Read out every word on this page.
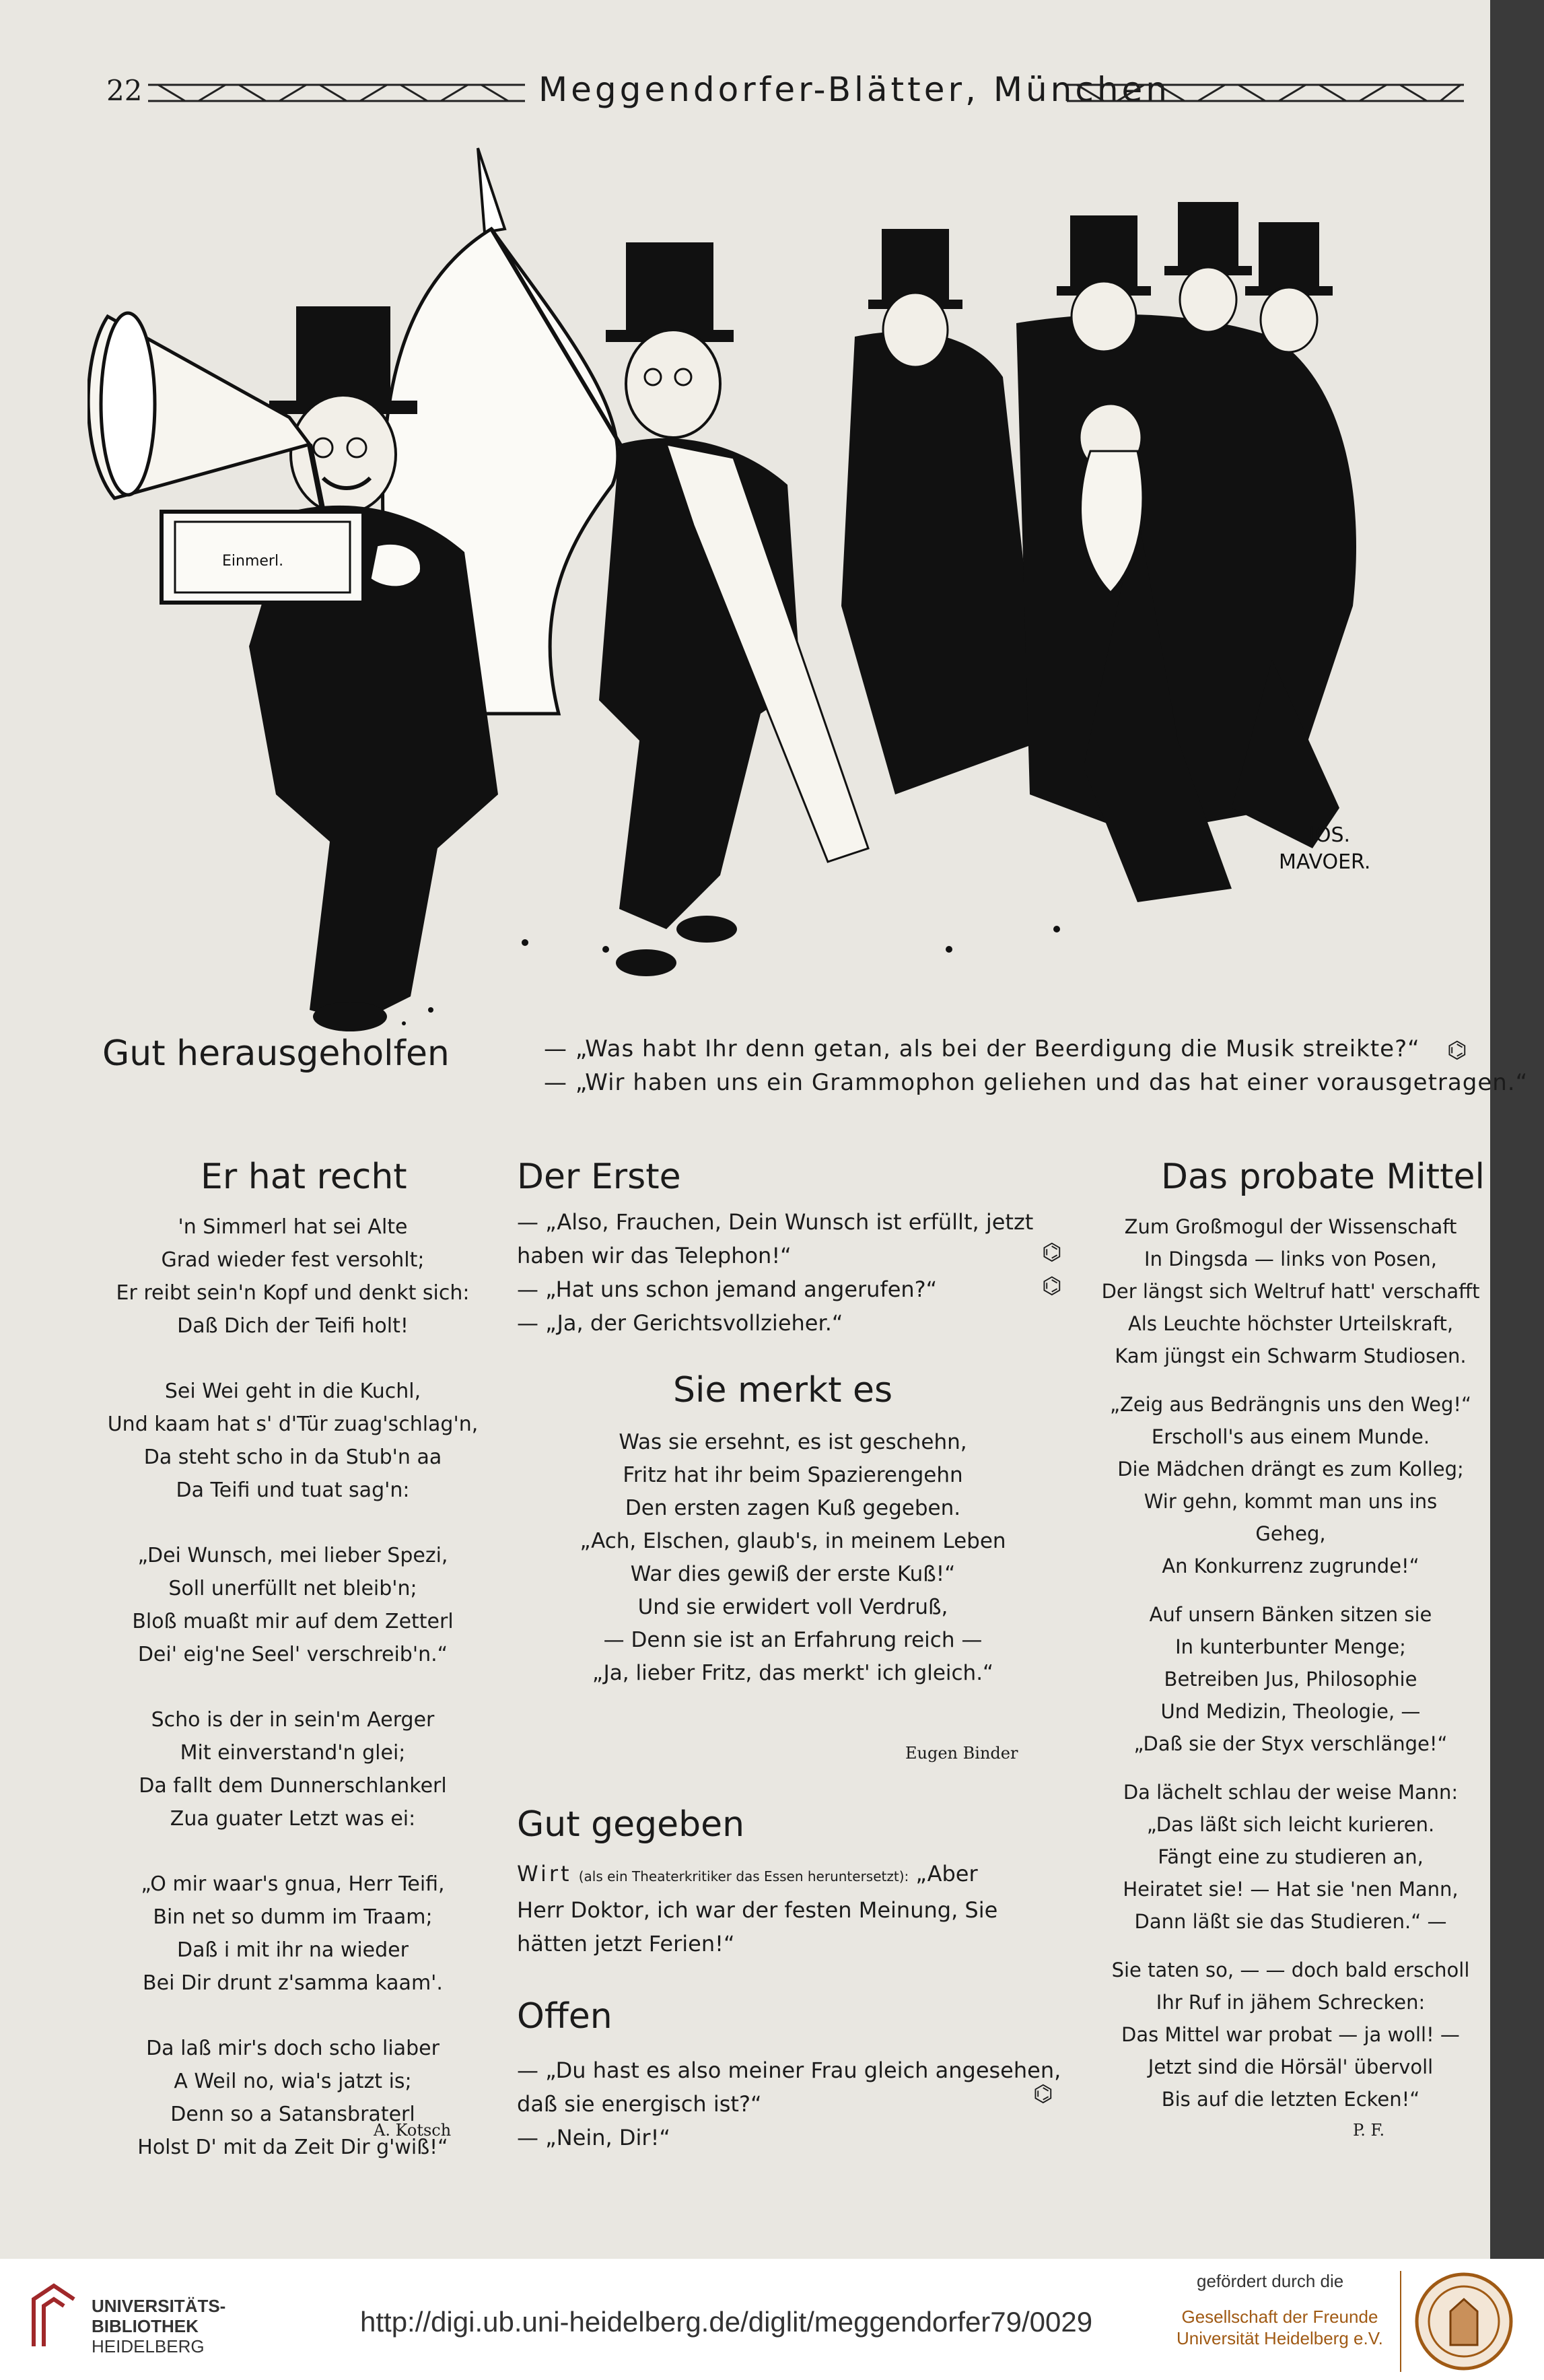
22	Meggendorfer-Blätter, München
Einmerl.
IOS.
MAVOER.
Gut herausgeholfen	— „Was habt Ihr denn getan, als bei der Beerdigung die Musik streikte?“
— „Wir haben uns ein Grammophon geliehen und das hat einer vorausgetragen.“
⌬
Er hat recht
'n Simmerl hat sei Alte
Grad wieder fest versohlt;
Er reibt sein'n Kopf und denkt sich:
Daß Dich der Teifi holt!
Sei Wei geht in die Kuchl,
Und kaam hat s' d'Tür zuag'schlag'n,
Da steht scho in da Stub'n aa
Da Teifi und tuat sag'n:
„Dei Wunsch, mei lieber Spezi,
Soll unerfüllt net bleib'n;
Bloß muaßt mir auf dem Zetterl
Dei' eig'ne Seel' verschreib'n.“
Scho is der in sein'm Aerger
Mit einverstand'n glei;
Da fallt dem Dunnerschlankerl
Zua guater Letzt was ei:
„O mir waar's gnua, Herr Teifi,
Bin net so dumm im Traam;
Daß i mit ihr na wieder
Bei Dir drunt z'samma kaam'.
Da laß mir's doch scho liaber
A Weil no, wia's jatzt is;
Denn so a Satansbraterl
Holst D' mit da Zeit Dir g'wiß!“
A. Kotsch
Der Erste
— „Also, Frauchen, Dein Wunsch ist erfüllt, jetzt
haben wir das Telephon!“
— „Hat uns schon jemand angerufen?“
— „Ja, der Gerichtsvollzieher.“
⌬
⌬
Sie merkt es
Was sie ersehnt, es ist geschehn,
Fritz hat ihr beim Spazierengehn
Den ersten zagen Kuß gegeben.
„Ach, Elschen, glaub's, in meinem Leben
War dies gewiß der erste Kuß!“
Und sie erwidert voll Verdruß,
— Denn sie ist an Erfahrung reich —
„Ja, lieber Fritz, das merkt' ich gleich.“
Eugen Binder
Gut gegeben
Wirt (als ein Theaterkritiker das Essen heruntersetzt): „Aber
Herr Doktor, ich war der festen Meinung, Sie
hätten jetzt Ferien!“
Offen
— „Du hast es also meiner Frau gleich angesehen,
daß sie energisch ist?“
— „Nein, Dir!“
⌬
Das probate Mittel
Zum Großmogul der Wissenschaft
In Dingsda — links von Posen,
Der längst sich Weltruf hatt' verschafft
Als Leuchte höchster Urteilskraft,
Kam jüngst ein Schwarm Studiosen.
„Zeig aus Bedrängnis uns den Weg!“
Erscholl's aus einem Munde.
Die Mädchen drängt es zum Kolleg;
Wir gehn, kommt man uns ins
Geheg,
An Konkurrenz zugrunde!“
Auf unsern Bänken sitzen sie
In kunterbunter Menge;
Betreiben Jus, Philosophie
Und Medizin, Theologie, —
„Daß sie der Styx verschlänge!“
Da lächelt schlau der weise Mann:
„Das läßt sich leicht kurieren.
Fängt eine zu studieren an,
Heiratet sie! — Hat sie 'nen Mann,
Dann läßt sie das Studieren.“ —
Sie taten so, — — doch bald erscholl
Ihr Ruf in jähem Schrecken:
Das Mittel war probat — ja woll! —
Jetzt sind die Hörsäl' übervoll
Bis auf die letzten Ecken!“
P. F.
UNIVERSITÄTS-
BIBLIOTHEK
HEIDELBERG
http://digi.ub.uni-heidelberg.de/diglit/meggendorfer79/0029
gefördert durch die
Gesellschaft der Freunde
Universität Heidelberg e.V.
